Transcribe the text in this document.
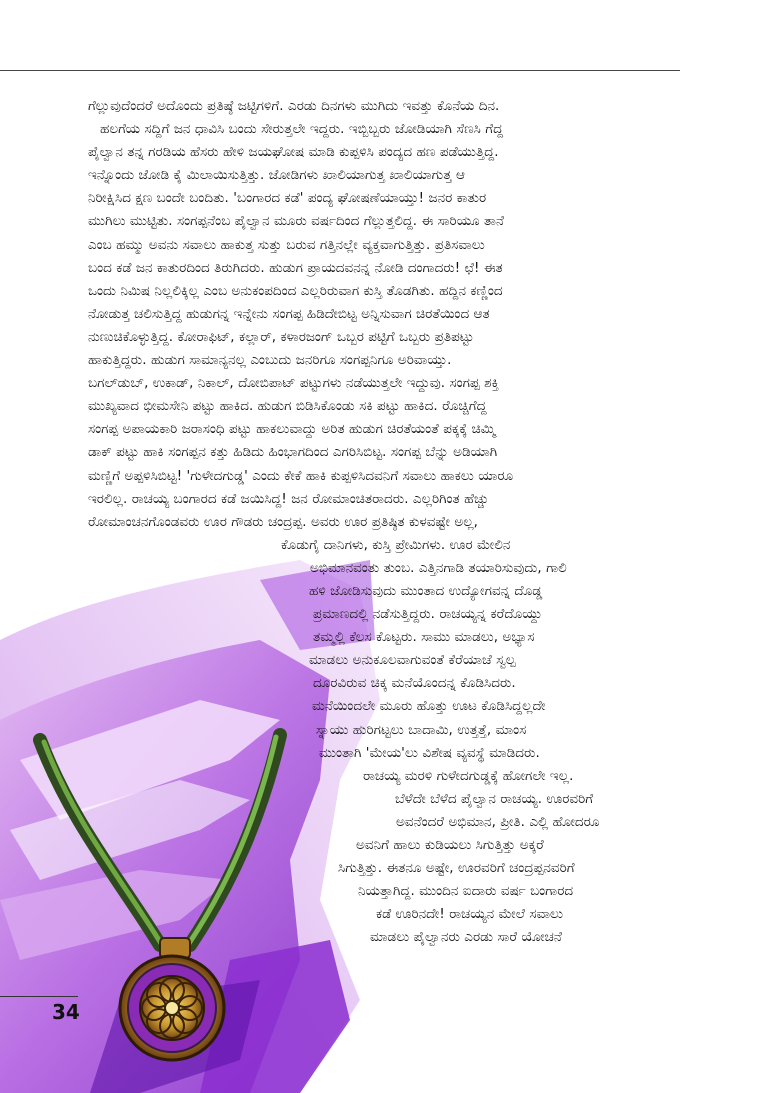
ಗೆಲ್ಲುವುದೆಂದರೆ ಅದೊಂದು ಪ್ರತಿಷ್ಠೆ ಜಟ್ಟಿಗಳಿಗೆ. ಎರಡು ದಿನಗಳು ಮುಗಿದು ಇವತ್ತು ಕೊನೆಯ ದಿನ.
ಹಲಗೆಯ ಸದ್ದಿಗೆ ಜನ ಧಾವಿಸಿ ಬಂದು ಸೇರುತ್ತಲೇ ಇದ್ದರು. ಇಬ್ಬಿಬ್ಬರು ಜೋಡಿಯಾಗಿ ಸೆಣಸಿ ಗೆದ್ದ
ಪೈಲ್ವಾನ ತನ್ನ ಗರಡಿಯ ಹೆಸರು ಹೇಳಿ ಜಯಘೋಷ ಮಾಡಿ ಕುಪ್ಪಳಿಸಿ ಪಂದ್ಯದ ಹಣ ಪಡೆಯುತ್ತಿದ್ದ.
ಇನ್ನೊಂದು ಜೋಡಿ ಕೈ ಮಿಲಾಯಿಸುತ್ತಿತ್ತು. ಜೋಡಿಗಳು ಖಾಲಿಯಾಗುತ್ತ ಖಾಲಿಯಾಗುತ್ತ ಆ
ನಿರೀಕ್ಷಿಸಿದ ಕ್ಷಣ ಬಂದೇ ಬಂದಿತು. 'ಬಂಗಾರದ ಕಡೆ' ಪಂದ್ಯ ಘೋಷಣೆಯಾಯ್ತು! ಜನರ ಕಾತುರ
ಮುಗಿಲು ಮುಟ್ಟಿತು. ಸಂಗಪ್ಪನೆಂಬ ಪೈಲ್ವಾನ ಮೂರು ವರ್ಷದಿಂದ ಗೆಲ್ಲುತ್ತಲಿದ್ದ. ಈ ಸಾರಿಯೂ ತಾನೆ
ಎಂಬ ಹಮ್ಮು ಅವನು ಸವಾಲು ಹಾಕುತ್ತ ಸುತ್ತು ಬರುವ ಗತ್ತಿನಲ್ಲೇ ವ್ಯಕ್ತವಾಗುತ್ತಿತ್ತು. ಪ್ರತಿಸವಾಲು
ಬಂದ ಕಡೆ ಜನ ಕಾತುರದಿಂದ ತಿರುಗಿದರು. ಹುಡುಗ ಪ್ರಾಯದವನನ್ನ ನೋಡಿ ದಂಗಾದರು! ಛೆ! ಈತ
ಒಂದು ನಿಮಿಷ ನಿಲ್ಲಲಿಕ್ಕಿಲ್ಲ ಎಂಬ ಅನುಕಂಪದಿಂದ ಎಲ್ಲರಿರುವಾಗ ಕುಸ್ತಿ ತೊಡಗಿತು. ಹದ್ದಿನ ಕಣ್ಣಿಂದ
ನೋಡುತ್ತ ಚಲಿಸುತ್ತಿದ್ದ ಹುಡುಗನ್ನ ಇನ್ನೇನು ಸಂಗಪ್ಪ ಹಿಡಿದೇಬಿಟ್ಟ ಅನ್ನಿಸುವಾಗ ಚಿರತೆಯಿಂದ ಆತ
ನುಣುಚಿಕೊಳ್ಳುತ್ತಿದ್ದ. ಕೋರಾಫಿಟ್, ಕಲ್ಲಾರ್, ಕಳಾರಜಂಗ್ ಒಬ್ಬರ ಪಟ್ಟಿಗೆ ಒಬ್ಬರು ಪ್ರತಿಪಟ್ಟು
ಹಾಕುತ್ತಿದ್ದರು. ಹುಡುಗ ಸಾಮಾನ್ಯನಲ್ಲ ಎಂಬುದು ಜನರಿಗೂ ಸಂಗಪ್ಪನಿಗೂ ಅರಿವಾಯ್ತು.
ಬಗಲ್‌ಡುಬ್, ಉಕಾಡ್, ನಿಕಾಲ್, ದೋಬಿಪಾಟ್ ಪಟ್ಟುಗಳು ನಡೆಯುತ್ತಲೇ ಇದ್ದುವು. ಸಂಗಪ್ಪ ಶಕ್ತಿ
ಮುಖ್ಯವಾದ ಭೀಮಸೇನಿ ಪಟ್ಟು ಹಾಕಿದ. ಹುಡುಗ ಬಿಡಿಸಿಕೊಂಡು ಸಕಿ ಪಟ್ಟು ಹಾಕಿದ. ರೊಚ್ಚಿಗೆದ್ದ
ಸಂಗಪ್ಪ ಅಪಾಯಕಾರಿ ಜರಾಸಂಧಿ ಪಟ್ಟು ಹಾಕಲುವಾದ್ದು ಅರಿತ ಹುಡುಗ ಚಿರತೆಯಂತೆ ಪಕ್ಕಕ್ಕೆ ಚಿಮ್ಮಿ
ಡಾಕ್ ಪಟ್ಟು ಹಾಕಿ ಸಂಗಪ್ಪನ ಕತ್ತು ಹಿಡಿದು ಹಿಂಭಾಗದಿಂದ ಎಗರಿಸಿಬಿಟ್ಟ. ಸಂಗಪ್ಪ ಬೆನ್ನು ಅಡಿಯಾಗಿ
ಮಣ್ಣಿಗೆ ಅಪ್ಪಳಿಸಿಬಿಟ್ಟ! 'ಗುಳೇದಗುಡ್ಡ' ಎಂದು ಕೇಕೆ ಹಾಕಿ ಕುಪ್ಪಳಿಸಿದವನಿಗೆ ಸವಾಲು ಹಾಕಲು ಯಾರೂ
ಇರಲಿಲ್ಲ. ರಾಚಯ್ಯ ಬಂಗಾರದ ಕಡೆ ಜಯಿಸಿದ್ದ! ಜನ ರೋಮಾಂಚಿತರಾದರು. ಎಲ್ಲರಿಗಿಂತ ಹೆಚ್ಚು
ರೋಮಾಂಚನಗೊಂಡವರು ಊರ ಗೌಡರು ಚಂದ್ರಪ್ಪ. ಅವರು ಊರ ಪ್ರತಿಷ್ಠಿತ ಕುಳವಷ್ಟೇ ಅಲ್ಲ,
ಕೊಡುಗೈ ದಾನಿಗಳು, ಕುಸ್ತಿ ಪ್ರೇಮಿಗಳು. ಊರ ಮೇಲಿನ
ಅಭಿಮಾನವಂತು ತುಂಬ. ಎತ್ತಿನಗಾಡಿ ತಯಾರಿಸುವುದು, ಗಾಲಿ
ಹಳಿ ಜೋಡಿಸುವುದು ಮುಂತಾದ ಉದ್ಯೋಗವನ್ನ ದೊಡ್ಡ
ಪ್ರಮಾಣದಲ್ಲಿ ನಡೆಸುತ್ತಿದ್ದರು. ರಾಚಯ್ಯನ್ನ ಕರೆದೊಯ್ದು
ತಮ್ಮಲ್ಲಿ ಕೆಲಸ ಕೊಟ್ಟರು. ಸಾಮು ಮಾಡಲು, ಅಭ್ಯಾಸ
ಮಾಡಲು ಅನುಕೂಲವಾಗುವಂತೆ ಕೆರೆಯಾಚೆ ಸ್ವಲ್ಪ
ದೂರವಿರುವ ಚಿಕ್ಕ ಮನೆಯೊಂದನ್ನ ಕೊಡಿಸಿದರು.
ಮನೆಯಿಂದಲೇ ಮೂರು ಹೊತ್ತು ಊಟ ಕೊಡಿಸಿದ್ದಲ್ಲದೇ
ಸ್ನಾಯು ಹುರಿಗಟ್ಟಲು ಬಾದಾಮಿ, ಉತ್ತತ್ತೆ, ಮಾಂಸ
ಮುಂತಾಗಿ 'ಮೇಯ'ಲು ವಿಶೇಷ ವ್ಯವಸ್ಥೆ ಮಾಡಿದರು.
ರಾಚಯ್ಯ ಮರಳಿ ಗುಳೇದಗುಡ್ಡಕ್ಕೆ ಹೋಗಲೇ ಇಲ್ಲ.
ಬೆಳೆದೇ ಬೆಳೆದ ಪೈಲ್ವಾನ ರಾಚಯ್ಯ. ಊರವರಿಗೆ
ಅವನೆಂದರೆ ಅಭಿಮಾನ, ಪ್ರೀತಿ. ಎಲ್ಲಿ ಹೋದರೂ
ಅವನಿಗೆ ಹಾಲು ಕುಡಿಯಲು ಸಿಗುತ್ತಿತ್ತು ಅಕ್ಕರೆ
ಸಿಗುತ್ತಿತ್ತು. ಈತನೂ ಅಷ್ಟೇ, ಊರವರಿಗೆ ಚಂದ್ರಪ್ಪನವರಿಗೆ
ನಿಯತ್ತಾಗಿದ್ದ. ಮುಂದಿನ ಐದಾರು ವರ್ಷ ಬಂಗಾರದ
ಕಡೆ ಊರಿನದೇ! ರಾಚಯ್ಯನ ಮೇಲೆ ಸವಾಲು
ಮಾಡಲು ಪೈಲ್ವಾನರು ಎರಡು ಸಾರೆ ಯೋಚನೆ
34
